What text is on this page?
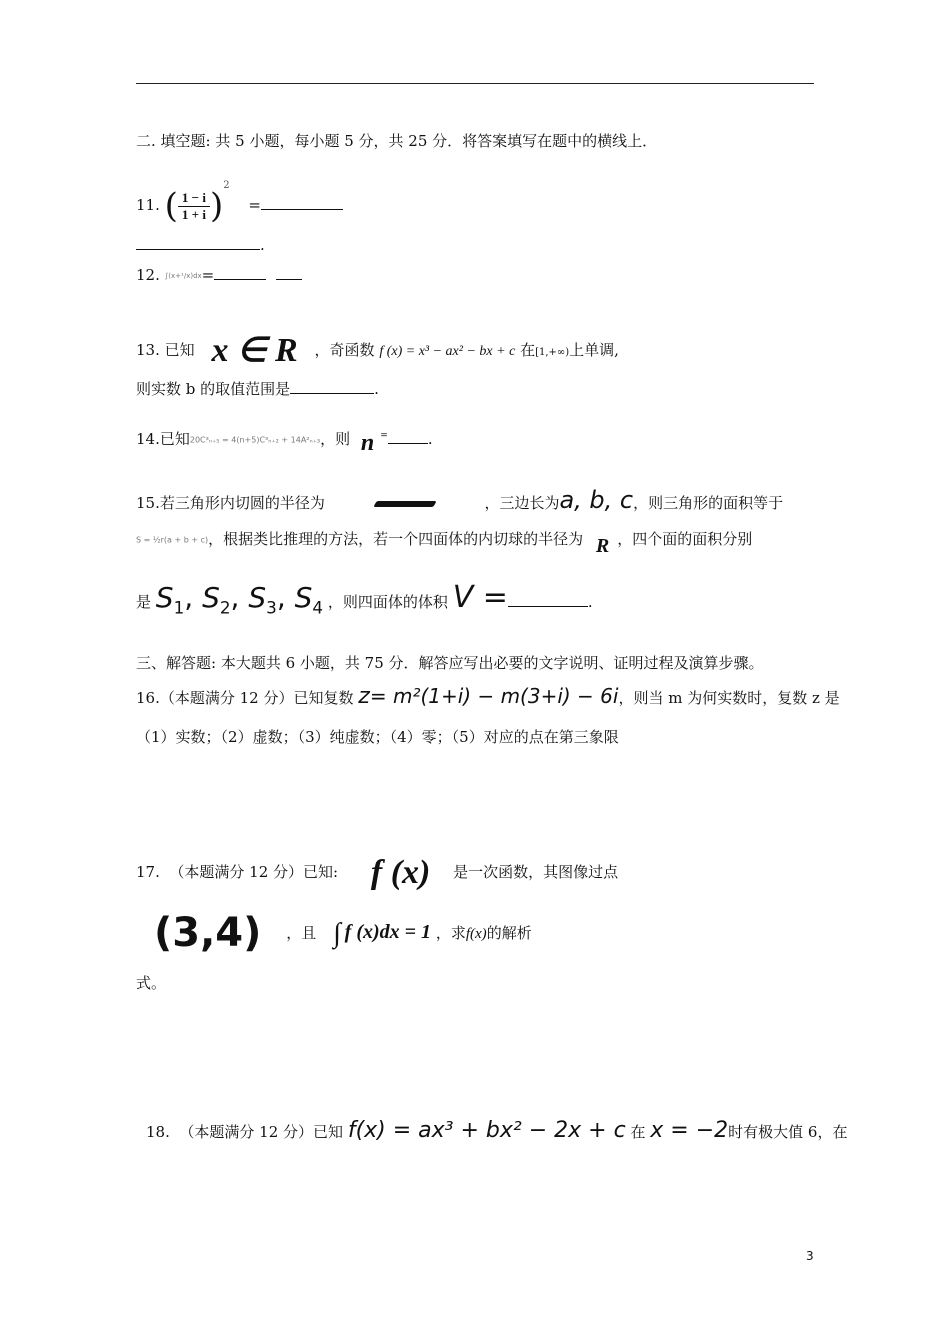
二. 填空题: 共 5 小题，每小题 5 分，共 25 分．将答案填写在题中的横线上．
11. ( $\frac{1 - i}{1 + i} )^2$ =
.
12. ∫(x+¹/x)dx=
13. 已知 x ∈ R ，奇函数 f (x) = x³ − ax² − bx + c 在[1,+∞)上单调,
则实数 b 的取值范围是	.
14.已知20C³ₙ₊₅ = 4(n+5)C³ₙ₊₂ + 14A²ₙ₊₃，则 n =	.
15.若三角形内切圆的半径为	，三边长为a, b, c，则三角形的面积等于
S = ½r(a + b + c)，根据类比推理的方法，若一个四面体的内切球的半径为 R ，四个面的面积分别
是 $S_1$, $S_2$, $S_3$, $S_4$ ，则四面体的体积 V =	.
三、解答题: 本大题共 6 小题，共 75 分．解答应写出必要的文字说明、证明过程及演算步骤。
16.（本题满分 12 分）已知复数 z= m²(1+i) − m(3+i) − 6i，则当 m 为何实数时，复数 z 是
（1）实数；（2）虚数；（3）纯虚数；（4）零；（5）对应的点在第三象限
17. （本题满分 12 分）已知: f (x) 是一次函数，其图像过点
(3,4) ，且 ∫ f (x)dx = 1 ，求f(x)的解析
式。
18. （本题满分 12 分）已知 f(x) = ax³ + bx² − 2x + c 在 x = −2时有极大值 6，在
3
